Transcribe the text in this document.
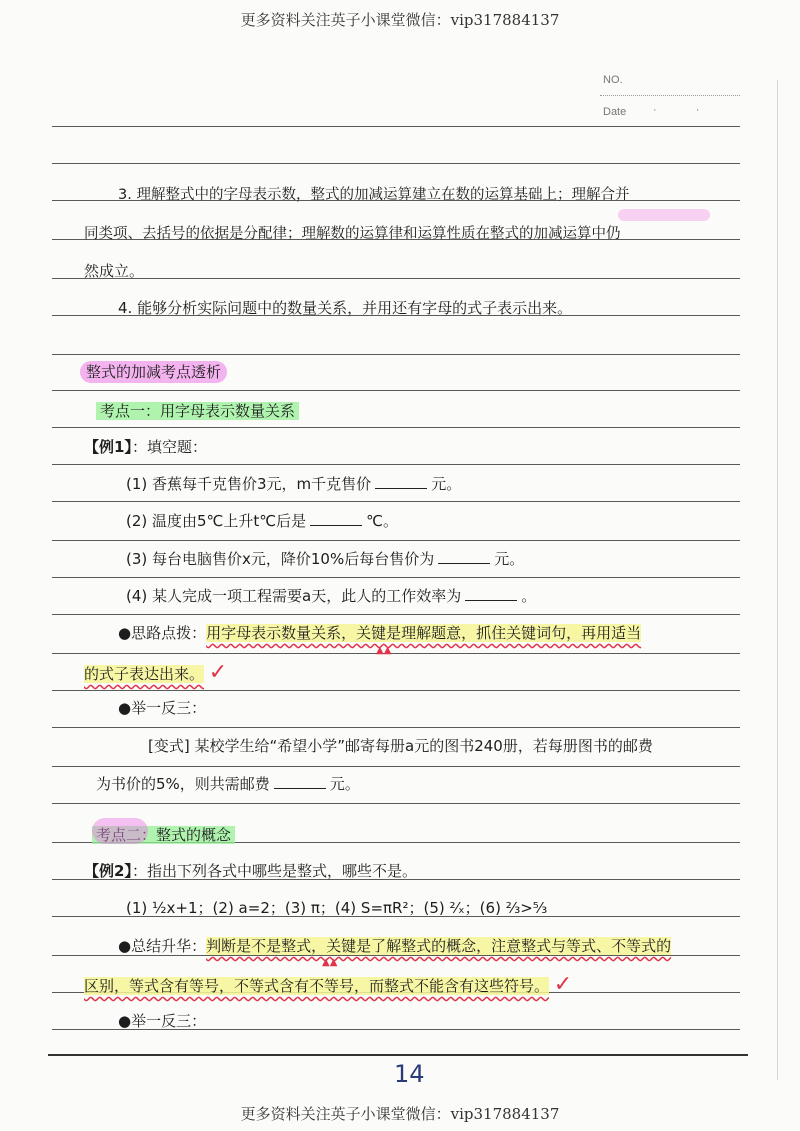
更多资料关注英子小课堂微信：vip317884137
NO.
Date · ·
3. 理解整式中的字母表示数，整式的加减运算建立在数的运算基础上；理解合并
同类项、去括号的依据是分配律；理解数的运算律和运算性质在整式的加减运算中仍
然成立。
4. 能够分析实际问题中的数量关系，并用还有字母的式子表示出来。
整式的加减考点透析
考点一：用字母表示数量关系
【例1】：填空题：
(1) 香蕉每千克售价3元，m千克售价	元。
(2) 温度由5℃上升t℃后是	℃。
(3) 每台电脑售价x元，降价10%后每台售价为	元。
(4) 某人完成一项工程需要a天，此人的工作效率为	。
●思路点拨：用字母表示数量关系，关键是理解题意，抓住关键词句，再用适当
▲▲
的式子表达出来。 ✓
●举一反三：
[变式] 某校学生给“希望小学”邮寄每册a元的图书240册，若每册图书的邮费
为书价的5%，则共需邮费	元。
考点二：整式的概念
【例2】：指出下列各式中哪些是整式，哪些不是。
(1) ½x+1；(2) a=2；(3) π；(4) S=πR²；(5) ²⁄ₓ；(6) ²⁄₃>⁵⁄₃
●总结升华：判断是不是整式，关键是了解整式的概念，注意整式与等式、不等式的
▲▲
区别，等式含有等号，不等式含有不等号，而整式不能含有这些符号。 ✓
●举一反三：
14
更多资料关注英子小课堂微信：vip317884137
